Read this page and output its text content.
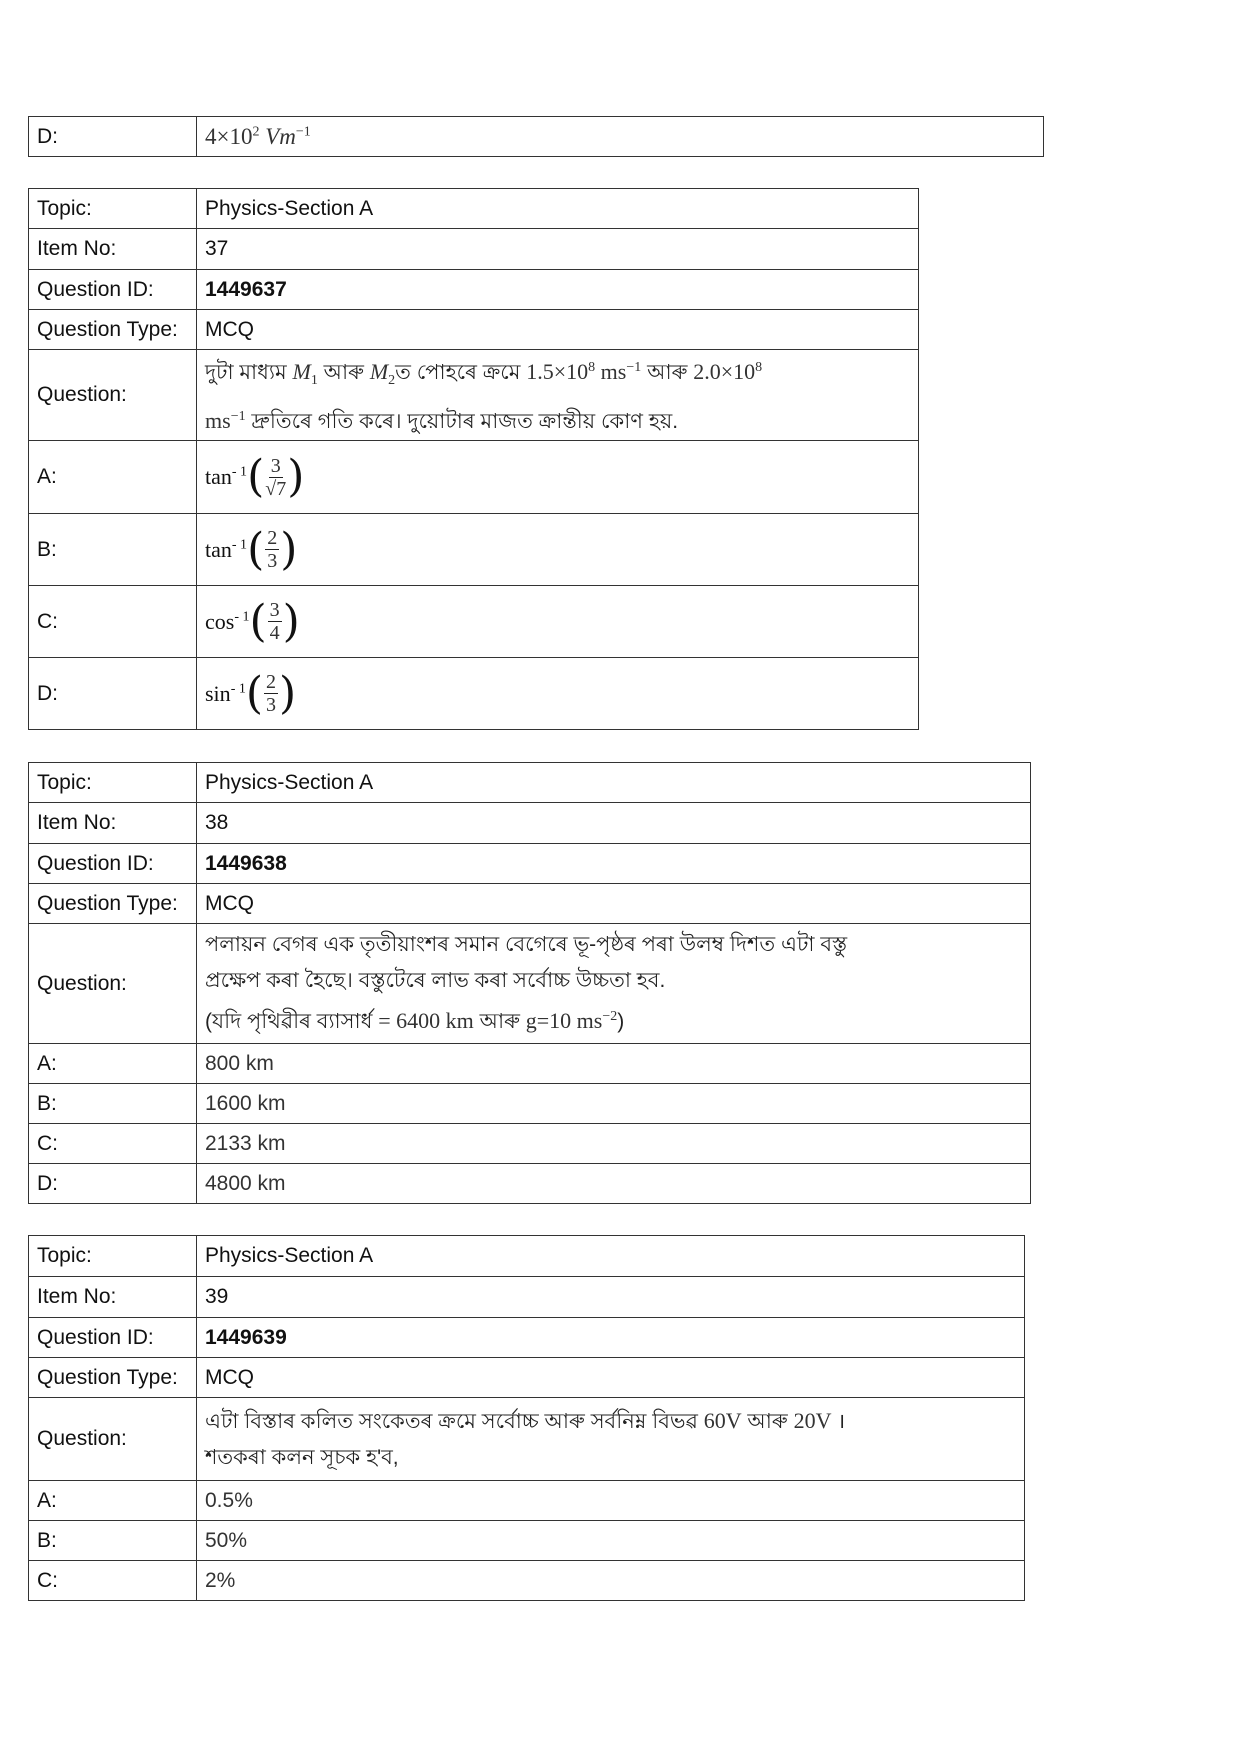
D:	$4\times 10^2$ $Vm^{-1}$
Topic:	Physics-Section A
Item No:	37
Question ID:	1449637
Question Type:	MCQ
Question:	দুটা মাধ্যম $M_1$ আৰু $M_2ত$ পোহৰে ক্ৰমে $1.5\times 10^8$ $ms^{-1}$ আৰু $2.0\times 10^8$
$ms^{-1}$ দ্ৰুতিৰে গতি কৰে। দুয়োটাৰ মাজত ক্ৰান্তীয় কোণ হয়.
A:	$\tan^{- 1}$ ( $\frac{3}{√7}$ )

B:	$\tan^{- 1}$ ( $\frac{2}{3}$ )

C:	$\cos^{- 1}$ ( $\frac{3}{4}$ )

D:	$\sin^{- 1}$ ( $\frac{2}{3}$ )
Topic:	Physics-Section A
Item No:	38
Question ID:	1449638
Question Type:	MCQ
Question:	পলায়ন বেগৰ এক তৃতীয়াংশৰ সমান বেগেৰে ভূ-পৃষ্ঠৰ পৰা উলম্ব দিশত এটা বস্তু
প্ৰক্ষেপ কৰা হৈছে। বস্তুটেৰে লাভ কৰা সৰ্বোচ্চ উচ্চতা হব.
(যদি পৃথিৱীৰ ব্যাসাৰ্ধ = 6400 km আৰু g=10 $ms^{-2}$)
A:	800 km
B:	1600 km
C:	2133 km
D:	4800 km
Topic:	Physics-Section A
Item No:	39
Question ID:	1449639
Question Type:	MCQ
Question:	এটা বিস্তাৰ কলিত সংকেতৰ ক্ৰমে সৰ্বোচ্চ আৰু সৰ্বনিম্ন বিভৱ 60V আৰু 20V ।
শতকৰা কলন সূচক হ'ব,
A:	0.5%
B:	50%
C:	2%
